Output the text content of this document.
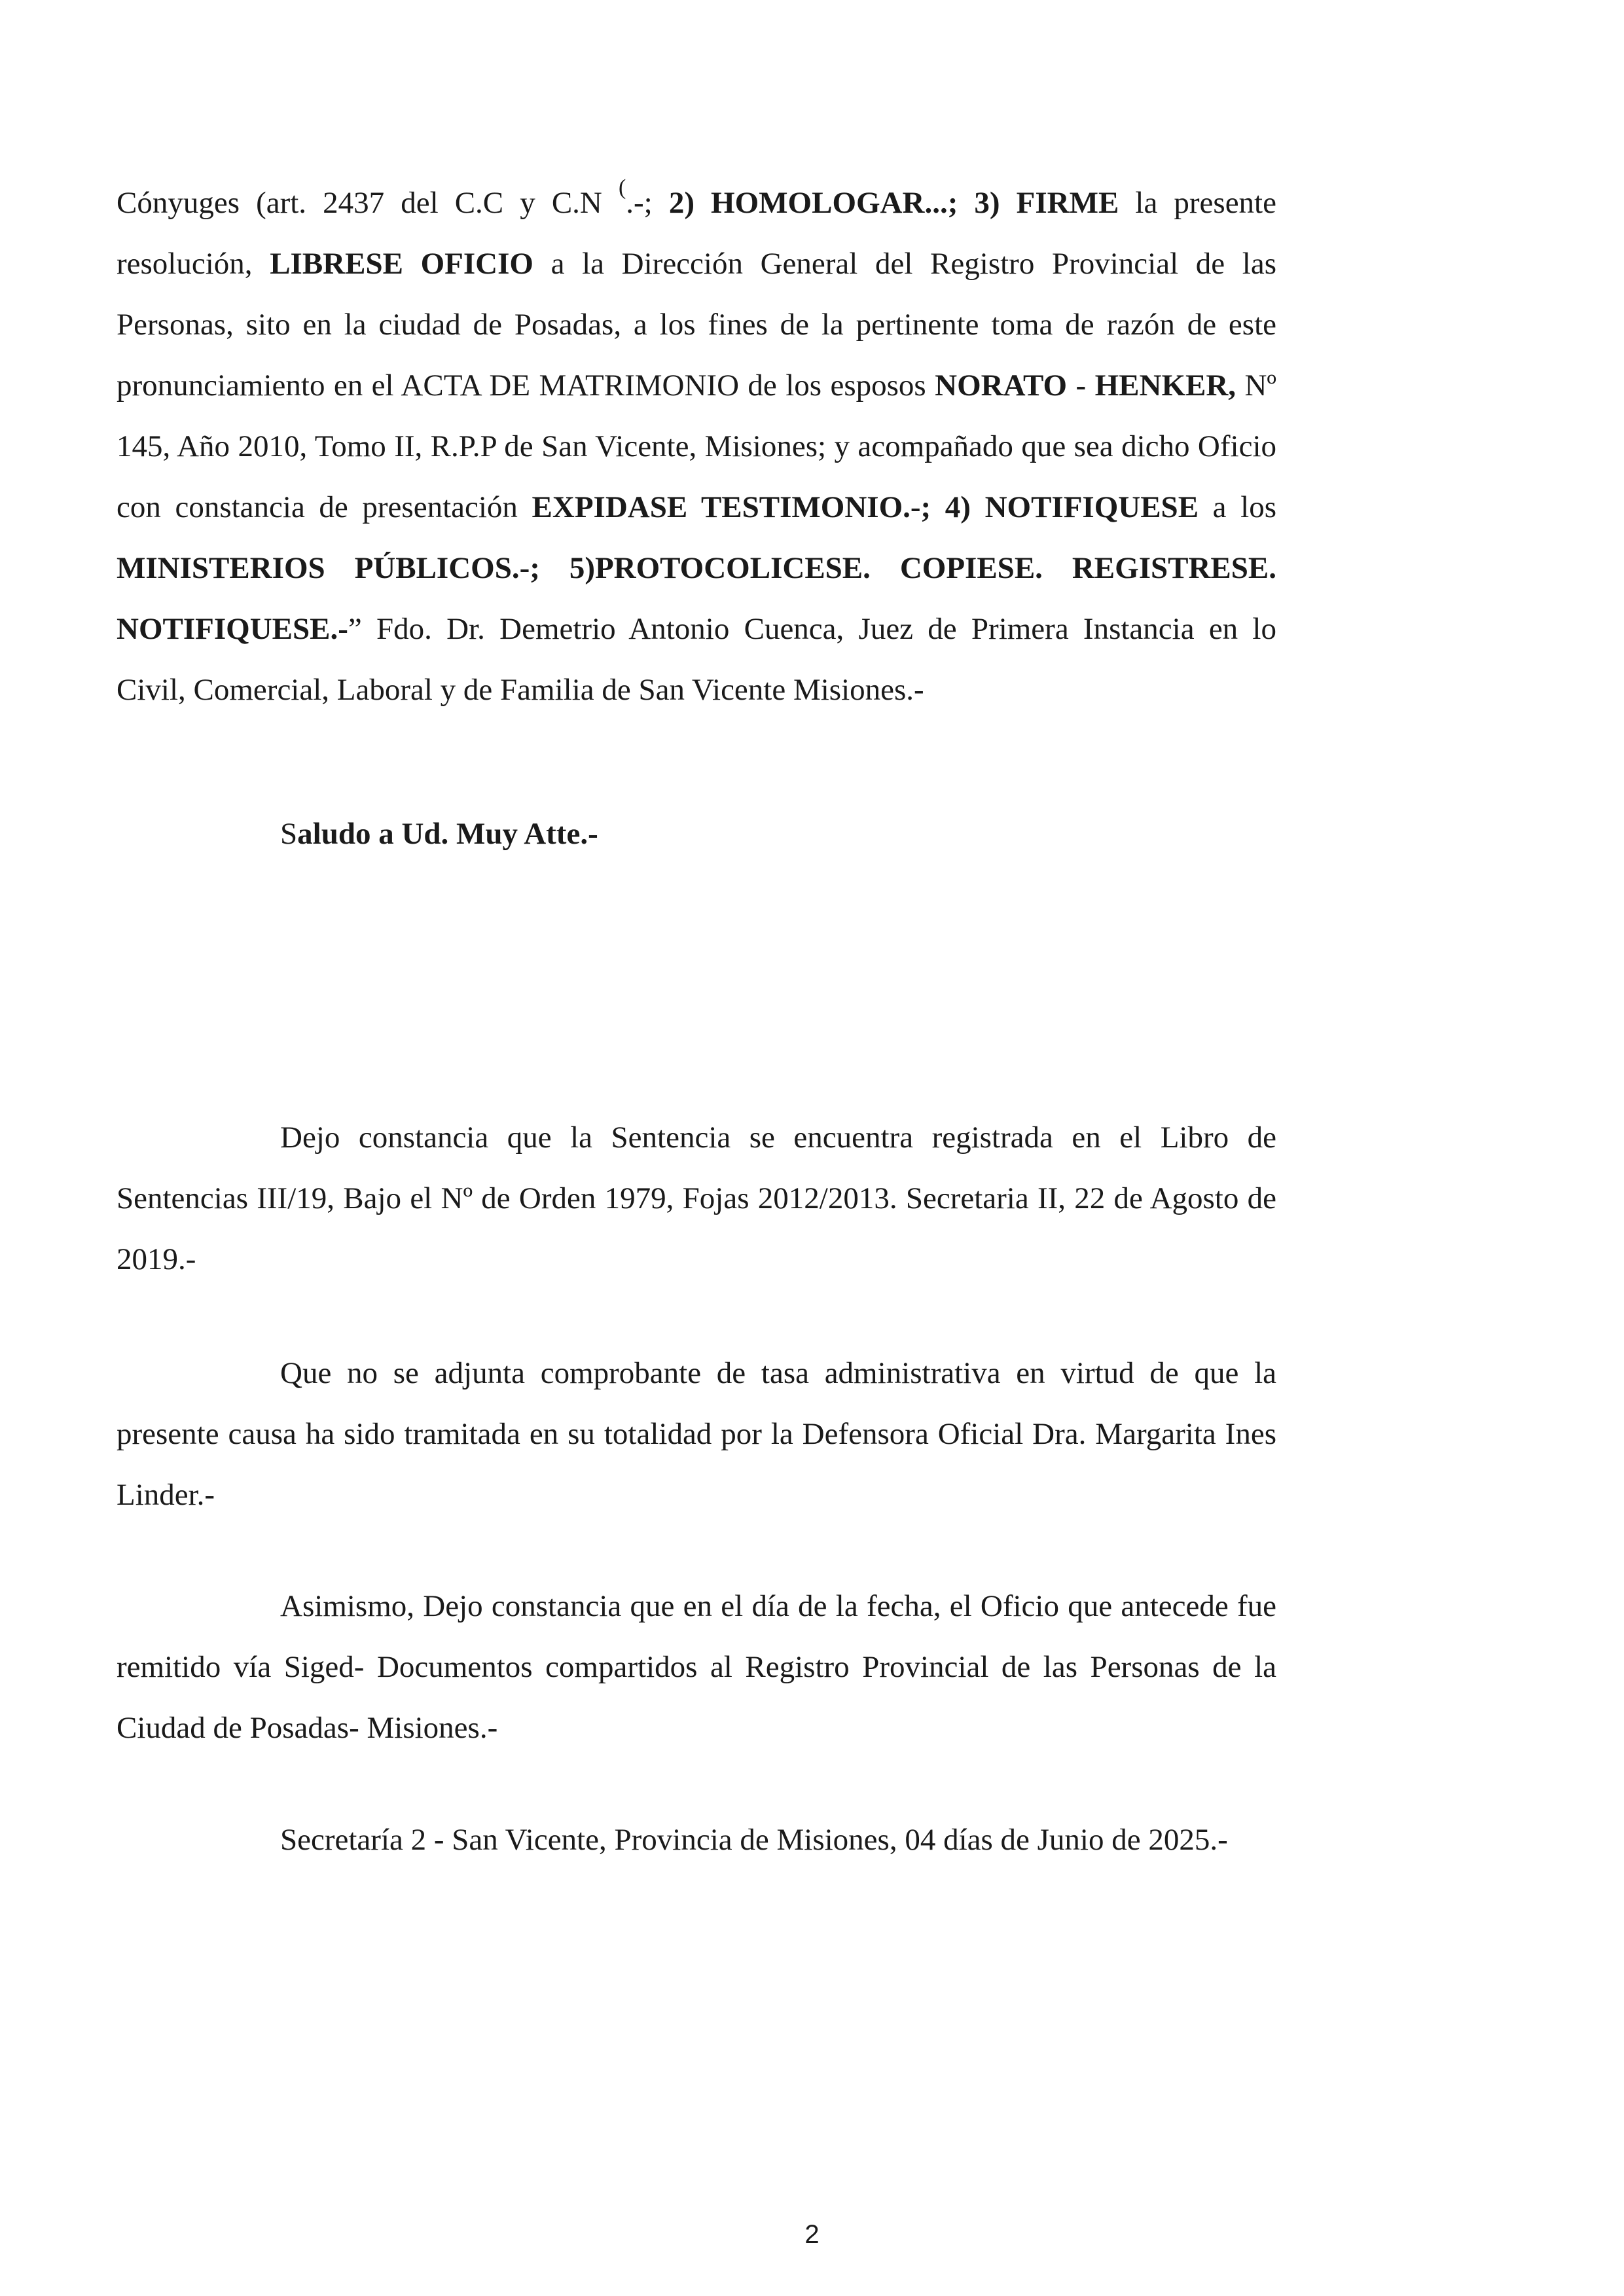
Cónyuges (art. 2437 del C.C y C.N (.-; 2) HOMOLOGAR...; 3) FIRME la presente resolución, LIBRESE OFICIO a la Dirección General del Registro Provincial de las Personas, sito en la ciudad de Posadas, a los fines de la pertinente toma de razón de este pronunciamiento en el ACTA DE MATRIMONIO de los esposos NORATO - HENKER, Nº 145, Año 2010, Tomo II, R.P.P de San Vicente, Misiones; y acompañado que sea dicho Oficio con constancia de presentación EXPIDASE TESTIMONIO.-; 4) NOTIFIQUESE a los MINISTERIOS PÚBLICOS.-; 5)PROTOCOLICESE. COPIESE. REGISTRESE. NOTIFIQUESE.-” Fdo. Dr. Demetrio Antonio Cuenca, Juez de Primera Instancia en lo Civil, Comercial, Laboral y de Familia de San Vicente Misiones.-

Saludo a Ud. Muy Atte.-

Dejo constancia que la Sentencia se encuentra registrada en el Libro de Sentencias III/19, Bajo el Nº de Orden 1979, Fojas 2012/2013. Secretaria II, 22 de Agosto de 2019.-

Que no se adjunta comprobante de tasa administrativa en virtud de que la presente causa ha sido tramitada en su totalidad por la Defensora Oficial Dra. Margarita Ines Linder.-

Asimismo, Dejo constancia que en el día de la fecha, el Oficio que antecede fue remitido vía Siged- Documentos compartidos al Registro Provincial de las Personas de la Ciudad de Posadas- Misiones.-

Secretaría 2 - San Vicente, Provincia de Misiones, 04 días de Junio de 2025.-

2
